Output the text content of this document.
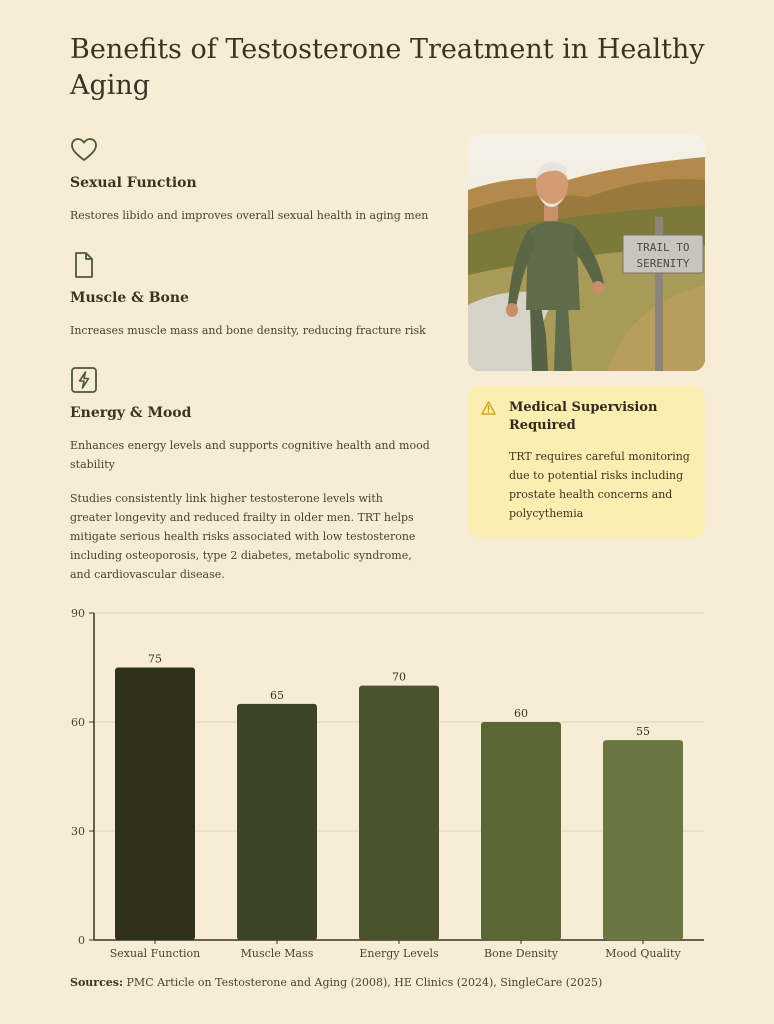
Benefits of Testosterone Treatment in Healthy Aging
Sexual Function

Restores libido and improves overall sexual health in aging men

Muscle & Bone

Increases muscle mass and bone density, reducing fracture risk

Energy & Mood

Enhances energy levels and supports cognitive health and mood stability

Studies consistently link higher testosterone levels with greater longevity and reduced frailty in older men. TRT helps mitigate serious health risks associated with low testosterone including osteoporosis, type 2 diabetes, metabolic syndrome, and cardiovascular disease.

TRAIL TO
SERENITY
Medical Supervision Required

TRT requires careful monitoring due to potential risks including prostate health concerns and polycythemia

0
30
60
90
75
Sexual Function
65
Muscle Mass
70
Energy Levels
60
Bone Density
55
Mood Quality
Sources: PMC Article on Testosterone and Aging (2008), HE Clinics (2024), SingleCare (2025)
